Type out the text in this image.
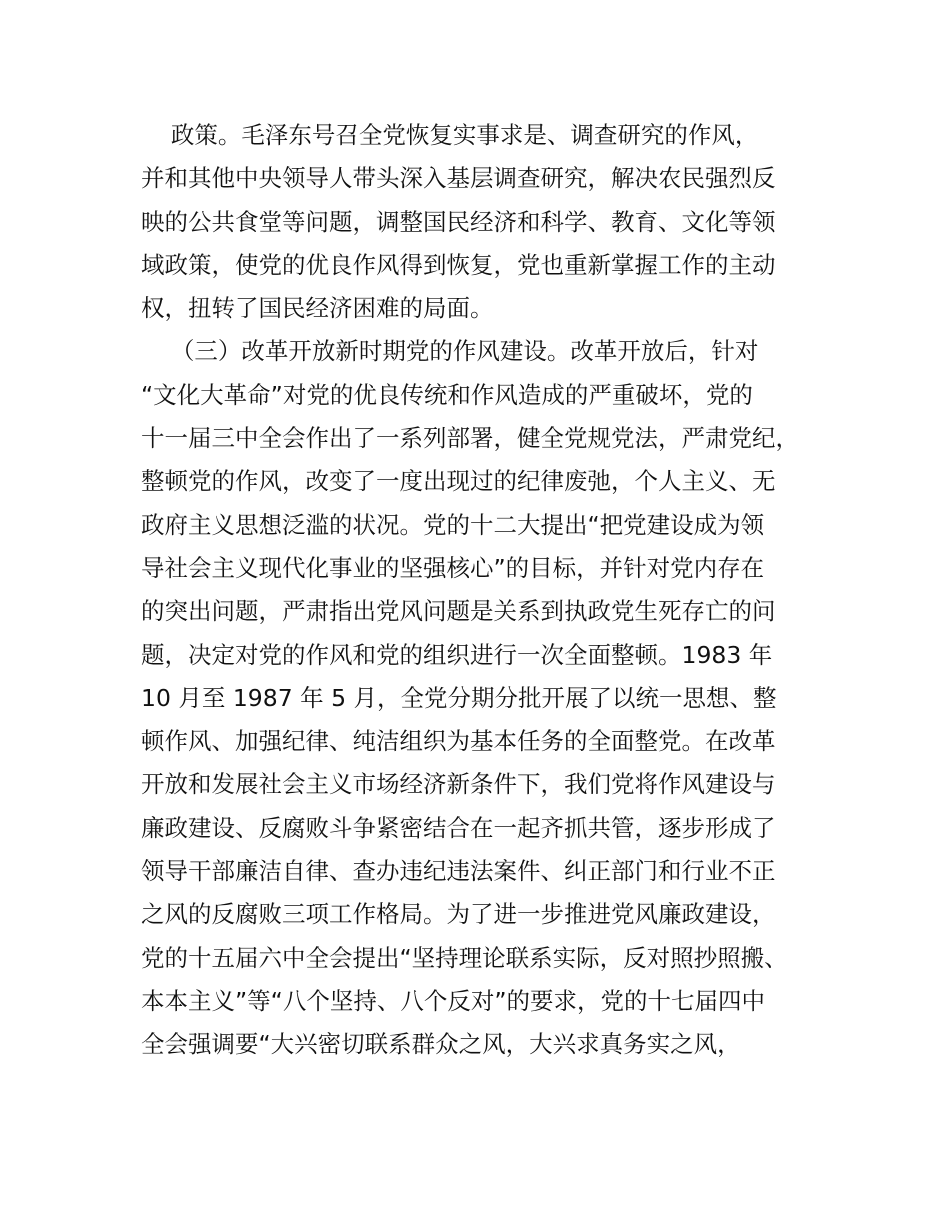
政策。毛泽东号召全党恢复实事求是、调查研究的作风，
并和其他中央领导人带头深入基层调查研究，解决农民强烈反
映的公共食堂等问题，调整国民经济和科学、教育、文化等领
域政策，使党的优良作风得到恢复，党也重新掌握工作的主动
权，扭转了国民经济困难的局面。
（三）改革开放新时期党的作风建设。改革开放后，针对
“文化大革命”对党的优良传统和作风造成的严重破坏，党的
十一届三中全会作出了一系列部署，健全党规党法，严肃党纪，
整顿党的作风，改变了一度出现过的纪律废弛，个人主义、无
政府主义思想泛滥的状况。党的十二大提出“把党建设成为领
导社会主义现代化事业的坚强核心”的目标，并针对党内存在
的突出问题，严肃指出党风问题是关系到执政党生死存亡的问
题，决定对党的作风和党的组织进行一次全面整顿。1983 年
10 月至 1987 年 5 月，全党分期分批开展了以统一思想、整
顿作风、加强纪律、纯洁组织为基本任务的全面整党。在改革
开放和发展社会主义市场经济新条件下，我们党将作风建设与
廉政建设、反腐败斗争紧密结合在一起齐抓共管，逐步形成了
领导干部廉洁自律、查办违纪违法案件、纠正部门和行业不正
之风的反腐败三项工作格局。为了进一步推进党风廉政建设，
党的十五届六中全会提出“坚持理论联系实际，反对照抄照搬、
本本主义”等“八个坚持、八个反对”的要求，党的十七届四中
全会强调要“大兴密切联系群众之风，大兴求真务实之风，
